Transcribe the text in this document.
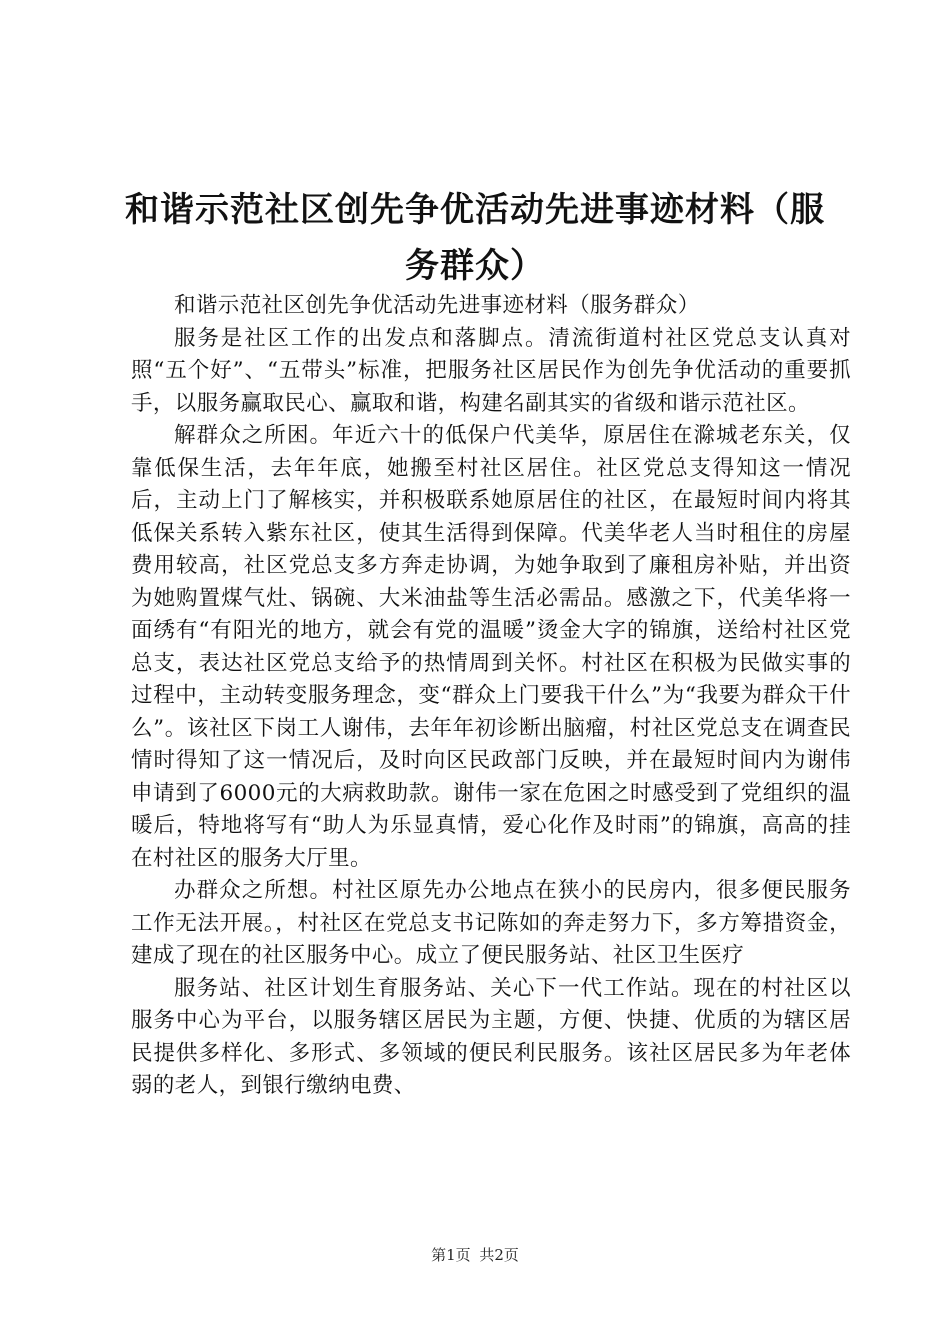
和谐示范社区创先争优活动先进事迹材料（服务群众）

和谐示范社区创先争优活动先进事迹材料（服务群众）

服务是社区工作的出发点和落脚点。清流街道村社区党总支认真对照“五个好”、“五带头”标准，把服务社区居民作为创先争优活动的重要抓手，以服务赢取民心、赢取和谐，构建名副其实的省级和谐示范社区。

解群众之所困。年近六十的低保户代美华，原居住在滁城老东关，仅靠低保生活，去年年底，她搬至村社区居住。社区党总支得知这一情况后，主动上门了解核实，并积极联系她原居住的社区，在最短时间内将其低保关系转入紫东社区，使其生活得到保障。代美华老人当时租住的房屋费用较高，社区党总支多方奔走协调，为她争取到了廉租房补贴，并出资为她购置煤气灶、锅碗、大米油盐等生活必需品。感激之下，代美华将一面绣有“有阳光的地方，就会有党的温暖”烫金大字的锦旗，送给村社区党总支，表达社区党总支给予的热情周到关怀。村社区在积极为民做实事的过程中，主动转变服务理念，变“群众上门要我干什么”为“我要为群众干什么”。该社区下岗工人谢伟，去年年初诊断出脑瘤，村社区党总支在调查民情时得知了这一情况后，及时向区民政部门反映，并在最短时间内为谢伟申请到了6000元的大病救助款。谢伟一家在危困之时感受到了党组织的温暖后，特地将写有“助人为乐显真情，爱心化作及时雨”的锦旗，高高的挂在村社区的服务大厅里。

办群众之所想。村社区原先办公地点在狭小的民房内，很多便民服务工作无法开展。，村社区在党总支书记陈如的奔走努力下，多方筹措资金，建成了现在的社区服务中心。成立了便民服务站、社区卫生医疗

服务站、社区计划生育服务站、关心下一代工作站。现在的村社区以服务中心为平台，以服务辖区居民为主题，方便、快捷、优质的为辖区居民提供多样化、多形式、多领域的便民利民服务。该社区居民多为年老体弱的老人，到银行缴纳电费、

第1页 共2页
